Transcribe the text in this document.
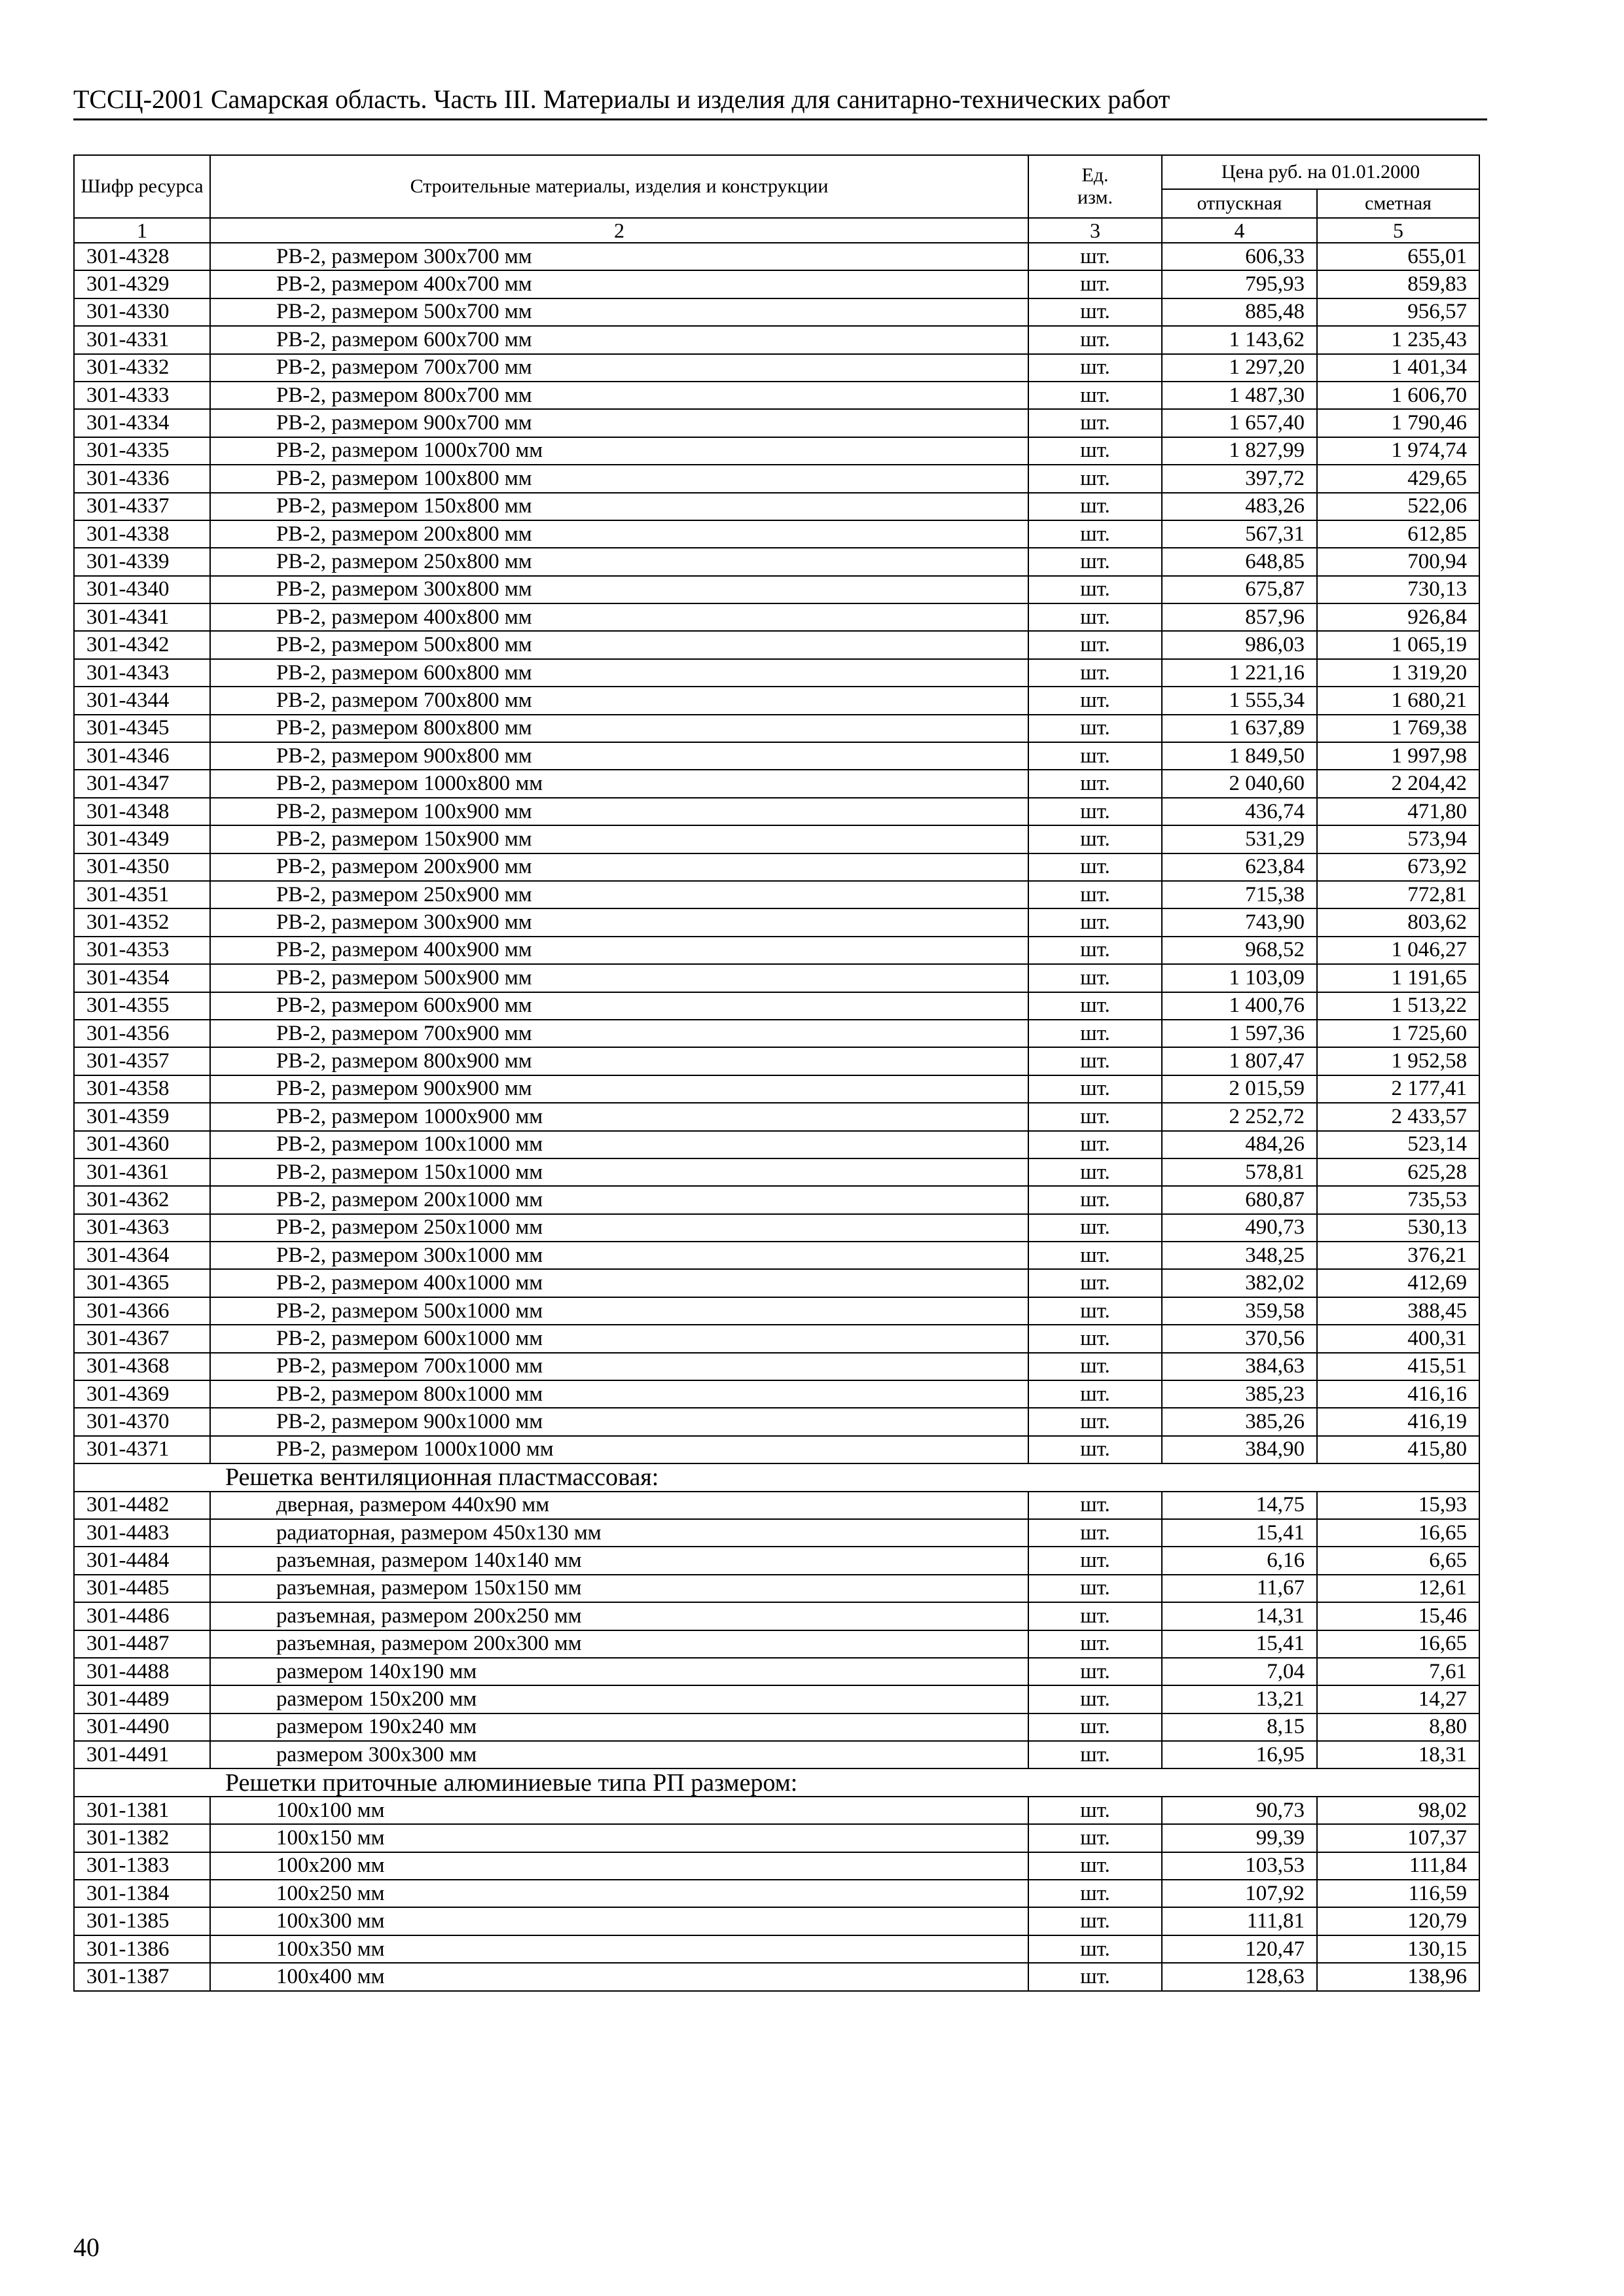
ТССЦ-2001 Самарская область. Часть III. Материалы и изделия для санитарно-технических работ
Шифр ресурса	Строительные материалы, изделия и конструкции	Ед. изм.	Цена руб. на 01.01.2000	
			отпускная	сметная
1	2	3	4	5
301-4328	РВ-2, размером 300х700 мм	шт.	606,33	655,01
301-4329	РВ-2, размером 400х700 мм	шт.	795,93	859,83
301-4330	РВ-2, размером 500х700 мм	шт.	885,48	956,57
301-4331	РВ-2, размером 600х700 мм	шт.	1 143,62	1 235,43
301-4332	РВ-2, размером 700х700 мм	шт.	1 297,20	1 401,34
301-4333	РВ-2, размером 800х700 мм	шт.	1 487,30	1 606,70
301-4334	РВ-2, размером 900х700 мм	шт.	1 657,40	1 790,46
301-4335	РВ-2, размером 1000х700 мм	шт.	1 827,99	1 974,74
301-4336	РВ-2, размером 100х800 мм	шт.	397,72	429,65
301-4337	РВ-2, размером 150х800 мм	шт.	483,26	522,06
301-4338	РВ-2, размером 200х800 мм	шт.	567,31	612,85
301-4339	РВ-2, размером 250х800 мм	шт.	648,85	700,94
301-4340	РВ-2, размером 300х800 мм	шт.	675,87	730,13
301-4341	РВ-2, размером 400х800 мм	шт.	857,96	926,84
301-4342	РВ-2, размером 500х800 мм	шт.	986,03	1 065,19
301-4343	РВ-2, размером 600х800 мм	шт.	1 221,16	1 319,20
301-4344	РВ-2, размером 700х800 мм	шт.	1 555,34	1 680,21
301-4345	РВ-2, размером 800х800 мм	шт.	1 637,89	1 769,38
301-4346	РВ-2, размером 900х800 мм	шт.	1 849,50	1 997,98
301-4347	РВ-2, размером 1000х800 мм	шт.	2 040,60	2 204,42
301-4348	РВ-2, размером 100х900 мм	шт.	436,74	471,80
301-4349	РВ-2, размером 150х900 мм	шт.	531,29	573,94
301-4350	РВ-2, размером 200х900 мм	шт.	623,84	673,92
301-4351	РВ-2, размером 250х900 мм	шт.	715,38	772,81
301-4352	РВ-2, размером 300х900 мм	шт.	743,90	803,62
301-4353	РВ-2, размером 400х900 мм	шт.	968,52	1 046,27
301-4354	РВ-2, размером 500х900 мм	шт.	1 103,09	1 191,65
301-4355	РВ-2, размером 600х900 мм	шт.	1 400,76	1 513,22
301-4356	РВ-2, размером 700х900 мм	шт.	1 597,36	1 725,60
301-4357	РВ-2, размером 800х900 мм	шт.	1 807,47	1 952,58
301-4358	РВ-2, размером 900х900 мм	шт.	2 015,59	2 177,41
301-4359	РВ-2, размером 1000х900 мм	шт.	2 252,72	2 433,57
301-4360	РВ-2, размером 100х1000 мм	шт.	484,26	523,14
301-4361	РВ-2, размером 150х1000 мм	шт.	578,81	625,28
301-4362	РВ-2, размером 200х1000 мм	шт.	680,87	735,53
301-4363	РВ-2, размером 250х1000 мм	шт.	490,73	530,13
301-4364	РВ-2, размером 300х1000 мм	шт.	348,25	376,21
301-4365	РВ-2, размером 400х1000 мм	шт.	382,02	412,69
301-4366	РВ-2, размером 500х1000 мм	шт.	359,58	388,45
301-4367	РВ-2, размером 600х1000 мм	шт.	370,56	400,31
301-4368	РВ-2, размером 700х1000 мм	шт.	384,63	415,51
301-4369	РВ-2, размером 800х1000 мм	шт.	385,23	416,16
301-4370	РВ-2, размером 900х1000 мм	шт.	385,26	416,19
301-4371	РВ-2, размером 1000х1000 мм	шт.	384,90	415,80
Решетка вентиляционная пластмассовая:				
301-4482	дверная, размером 440х90 мм	шт.	14,75	15,93
301-4483	радиаторная, размером 450х130 мм	шт.	15,41	16,65
301-4484	разъемная, размером 140х140 мм	шт.	6,16	6,65
301-4485	разъемная, размером 150х150 мм	шт.	11,67	12,61
301-4486	разъемная, размером 200х250 мм	шт.	14,31	15,46
301-4487	разъемная, размером 200х300 мм	шт.	15,41	16,65
301-4488	размером 140х190 мм	шт.	7,04	7,61
301-4489	размером 150х200 мм	шт.	13,21	14,27
301-4490	размером 190х240 мм	шт.	8,15	8,80
301-4491	размером 300х300 мм	шт.	16,95	18,31
Решетки приточные алюминиевые типа РП размером:				
301-1381	100х100 мм	шт.	90,73	98,02
301-1382	100х150 мм	шт.	99,39	107,37
301-1383	100х200 мм	шт.	103,53	111,84
301-1384	100х250 мм	шт.	107,92	116,59
301-1385	100х300 мм	шт.	111,81	120,79
301-1386	100х350 мм	шт.	120,47	130,15
301-1387	100х400 мм	шт.	128,63	138,96
40
